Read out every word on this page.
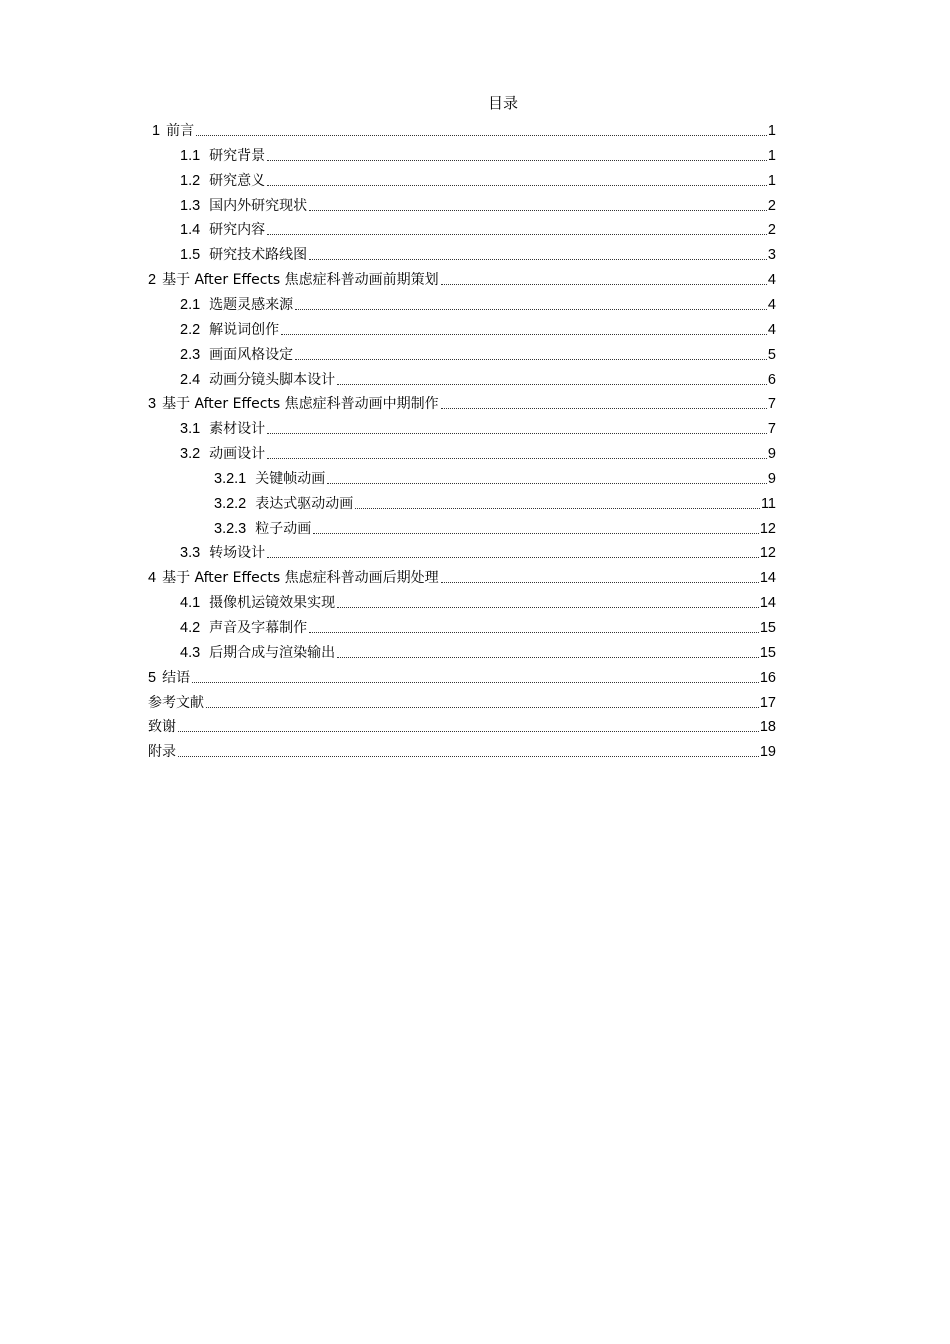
目录
1 前言	1
1.1 研究背景	1
1.2 研究意义	1
1.3 国内外研究现状	2
1.4 研究内容	2
1.5 研究技术路线图	3
2 基于 After Effects 焦虑症科普动画前期策划	4
2.1 选题灵感来源	4
2.2 解说词创作	4
2.3 画面风格设定	5
2.4 动画分镜头脚本设计	6
3 基于 After Effects 焦虑症科普动画中期制作	7
3.1 素材设计	7
3.2 动画设计	9
3.2.1 关键帧动画	9
3.2.2 表达式驱动动画	11
3.2.3 粒子动画	12
3.3 转场设计	12
4 基于 After Effects 焦虑症科普动画后期处理	14
4.1 摄像机运镜效果实现	14
4.2 声音及字幕制作	15
4.3 后期合成与渲染输出	15
5 结语	16
参考文献	17
致谢	18
附录	19
